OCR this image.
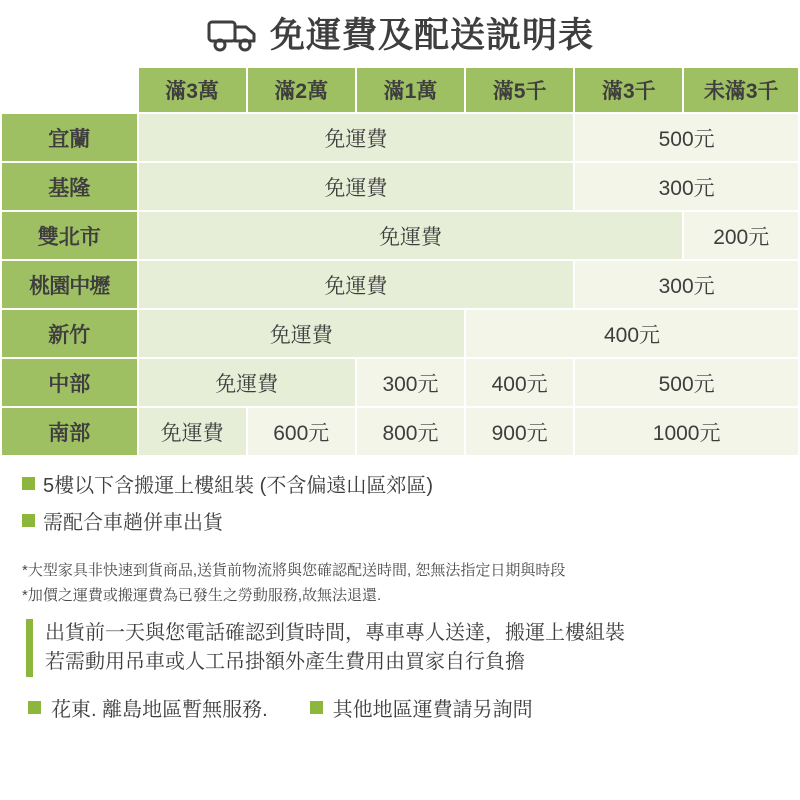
免運費及配送説明表
	滿3萬	滿2萬	滿1萬	滿5千	滿3千	未滿3千
宜蘭	免運費				500元	
基隆	免運費				300元	
雙北市	免運費					200元
桃園中壢	免運費				300元	
新竹	免運費			400元		
中部	免運費		300元	400元	500元	
南部	免運費	600元	800元	900元	1000元	
5樓以下含搬運上樓組裝 (不含偏遠山區郊區)
需配合車趟併車出貨
*大型家具非快速到貨商品,送貨前物流將與您確認配送時間, 恕無法指定日期與時段
*加價之運費或搬運費為已發生之勞動服務,故無法退還.
出貨前一天與您電話確認到貨時間，專車專人送達，搬運上樓組裝
若需動用吊車或人工吊掛額外產生費用由買家自行負擔
花東. 離島地區暫無服務.	其他地區運費請另詢問
